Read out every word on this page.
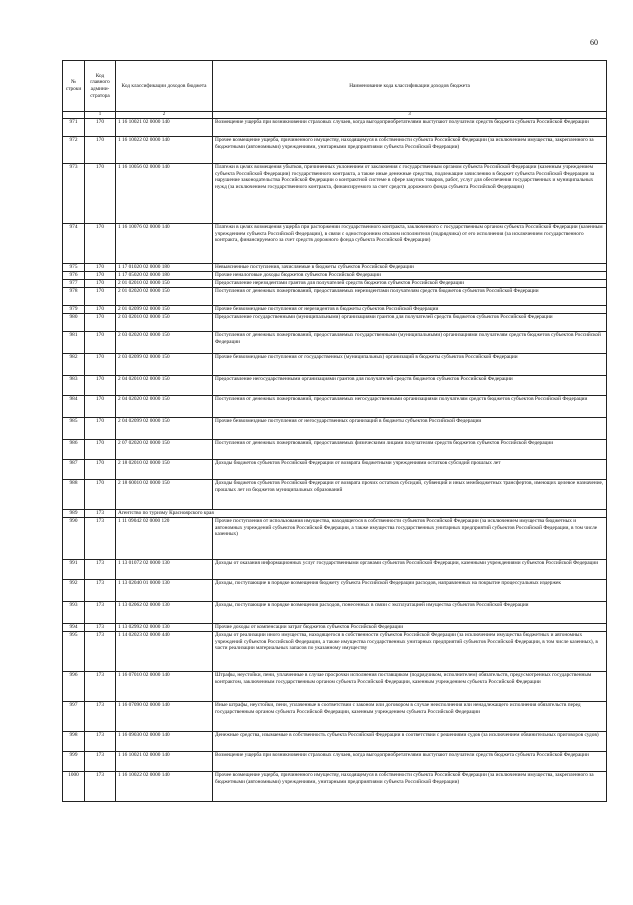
60
№ строки	Код главного админи-стратора	Код классификации доходов бюджета	Наименование кода классификации доходов бюджета
	1	2	3
971	170	1 16 10021 02 0000 140	Возмещение ущерба при возникновении страховых случаев, когда выгодоприобретателями выступают получатели средств бюджета субъекта Российской Федерации
972	170	1 16 10022 02 0000 140	Прочее возмещение ущерба, причиненного имуществу, находящемуся в собственности субъекта Российской Федерации (за исключением имущества, закрепленного за бюджетными (автономными) учреждениями, унитарными предприятиями субъекта Российской Федерации)
973	170	1 16 10056 02 0000 140	Платежи в целях возмещения убытков, причиненных уклонением от заключения с государственным органом субъекта Российской Федерации (казенным учреждением субъекта Российской Федерации) государственного контракта, а также иные денежные средства, подлежащие зачислению в бюджет субъекта Российской Федерации за нарушение законодательства Российской Федерации о контрактной системе в сфере закупок товаров, работ, услуг для обеспечения государственных и муниципальных нужд (за исключением государственного контракта, финансируемого за счет средств дорожного фонда субъекта Российской Федерации)
974	170	1 16 10076 02 0000 140	Платежи в целях возмещения ущерба при расторжении государственного контракта, заключенного с государственным органом субъекта Российской Федерации (казенным учреждением субъекта Российской Федерации), в связи с односторонним отказом исполнителя (подрядчика) от его исполнения (за исключением государственного контракта, финансируемого за счет средств дорожного фонда субъекта Российской Федерации)
975	170	1 17 01020 02 0000 180	Невыясненные поступления, зачисляемые в бюджеты субъектов Российской Федерации
976	170	1 17 05020 02 0000 180	Прочие неналоговые доходы бюджетов субъектов Российской Федерации
977	170	2 01 02010 02 0000 150	Предоставление нерезидентами грантов для получателей средств бюджетов субъектов Российской Федерации
978	170	2 01 02020 02 0000 150	Поступления от денежных пожертвований, предоставляемых нерезидентами получателям средств бюджетов субъектов Российской Федерации
979	170	2 01 02099 02 0000 150	Прочие безвозмездные поступления от нерезидентов в бюджеты субъектов Российской Федерации
980	170	2 03 02010 02 0000 150	Предоставление государственными (муниципальными) организациями грантов для получателей средств бюджетов субъектов Российской Федерации
981	170	2 03 02020 02 0000 150	Поступления от денежных пожертвований, предоставляемых государственными (муниципальными) организациями получателям средств бюджетов субъектов Российской Федерации
982	170	2 03 02099 02 0000 150	Прочие безвозмездные поступления от государственных (муниципальных) организаций в бюджеты субъектов Российской Федерации
983	170	2 04 02010 02 0000 150	Предоставление негосударственными организациями грантов для получателей средств бюджетов субъектов Российской Федерации
984	170	2 04 02020 02 0000 150	Поступления от денежных пожертвований, предоставляемых негосударственными организациями получателям средств бюджетов субъектов Российской Федерации
985	170	2 04 02099 02 0000 150	Прочие безвозмездные поступления от негосударственных организаций в бюджеты субъектов Российской Федерации
986	170	2 07 02020 02 0000 150	Поступления от денежных пожертвований, предоставляемых физическими лицами получателям средств бюджетов субъектов Российской Федерации
987	170	2 18 02010 02 0000 150	Доходы бюджетов субъектов Российской Федерации от возврата бюджетными учреждениями остатков субсидий прошлых лет
988	170	2 18 60010 02 0000 150	Доходы бюджетов субъектов Российской Федерации от возврата прочих остатков субсидий, субвенций и иных межбюджетных трансфертов, имеющих целевое назначение, прошлых лет из бюджетов муниципальных образований
989	173	Агентство по туризму Красноярского края	
990	173	1 11 09042 02 0000 120	Прочие поступления от использования имущества, находящегося в собственности субъектов Российской Федерации (за исключением имущества бюджетных и автономных учреждений субъектов Российской Федерации, а также имущества государственных унитарных предприятий субъектов Российской Федерации, в том числе казенных)
991	173	1 13 01072 02 0000 130	Доходы от оказания информационных услуг государственными органами субъектов Российской Федерации, казенными учреждениями субъектов Российской Федерации
992	173	1 13 02040 01 0000 130	Доходы, поступающие в порядке возмещения бюджету субъекта Российской Федерации расходов, направленных на покрытие процессуальных издержек
993	173	1 13 02062 02 0000 130	Доходы, поступающие в порядке возмещения расходов, понесенных в связи с эксплуатацией имущества субъектов Российской Федерации
994	173	1 13 02992 02 0000 130	Прочие доходы от компенсации затрат бюджетов субъектов Российской Федерации
995	173	1 14 02023 02 0000 440	Доходы от реализации иного имущества, находящегося в собственности субъектов Российской Федерации (за исключением имущества бюджетных и автономных учреждений субъектов Российской Федерации, а также имущества государственных унитарных предприятий субъектов Российской Федерации, в том числе казенных), в части реализации материальных запасов по указанному имуществу
996	173	1 16 07010 02 0000 140	Штрафы, неустойки, пени, уплаченные в случае просрочки исполнения поставщиком (подрядчиком, исполнителем) обязательств, предусмотренных государственным контрактом, заключенным государственным органом субъекта Российской Федерации, казенным учреждением субъекта Российской Федерации
997	173	1 16 07090 02 0000 140	Иные штрафы, неустойки, пени, уплаченные в соответствии с законом или договором в случае неисполнения или ненадлежащего исполнения обязательств перед государственным органом субъекта Российской Федерации, казенным учреждением субъекта Российской Федерации
998	173	1 16 09030 02 0000 140	Денежные средства, изымаемые в собственность субъекта Российской Федерации в соответствии с решениями судов (за исключением обвинительных приговоров судов)
999	173	1 16 10021 02 0000 140	Возмещение ущерба при возникновении страховых случаев, когда выгодоприобретателями выступают получатели средств бюджета субъекта Российской Федерации
1000	173	1 16 10022 02 0000 140	Прочее возмещение ущерба, причиненного имуществу, находящемуся в собственности субъекта Российской Федерации (за исключением имущества, закрепленного за бюджетными (автономными) учреждениями, унитарными предприятиями субъекта Российской Федерации)
